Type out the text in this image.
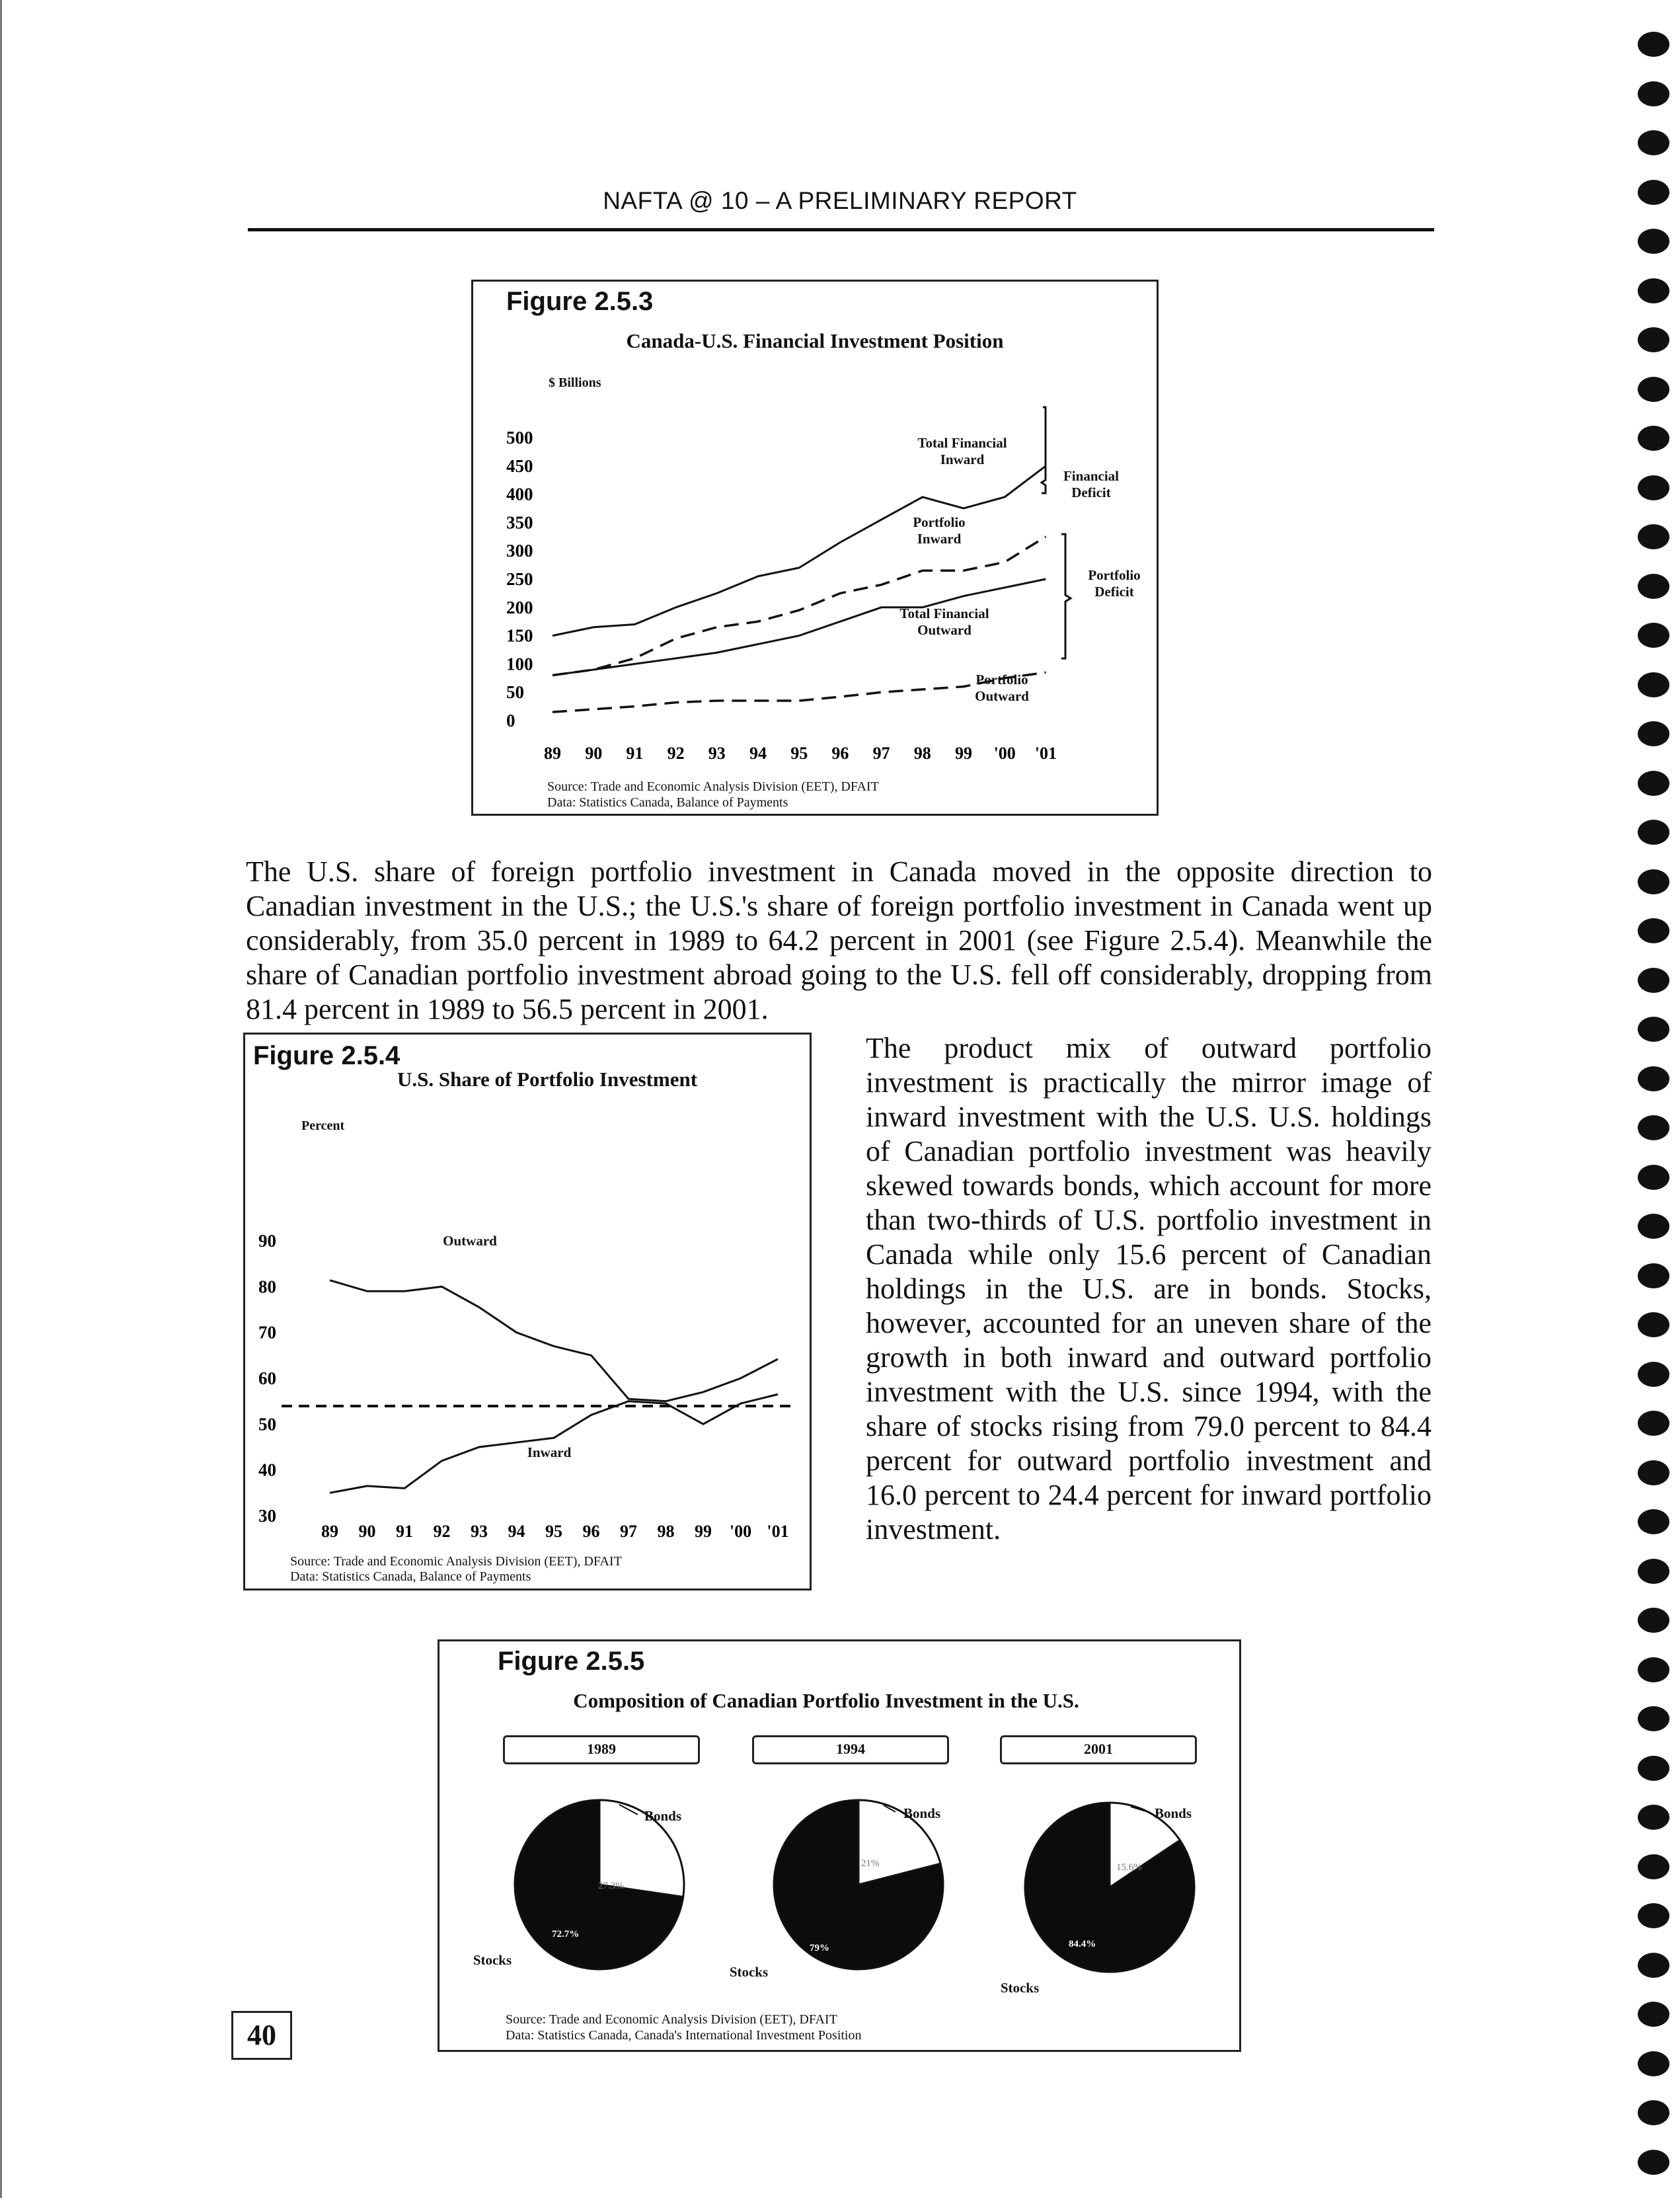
NAFTA @ 10 – A PRELIMINARY REPORT
Figure 2.5.3
Canada-U.S. Financial Investment Position
$ Billions
500
450
400
350
300
250
200
150
100
50
0
89 90 91 92 93 94 95 96 97 98 99 '00 '01
Total Financial Inward
Portfolio Inward
Total Financial Outward
Portfolio Outward
Financial Deficit
Portfolio Deficit
Source: Trade and Economic Analysis Division (EET), DFAIT
Data: Statistics Canada, Balance of Payments
The U.S. share of foreign portfolio investment in Canada moved in the opposite direction to Canadian investment in the U.S.; the U.S.'s share of foreign portfolio investment in Canada went up considerably, from 35.0 percent in 1989 to 64.2 percent in 2001 (see Figure 2.5.4). Meanwhile the share of Canadian portfolio investment abroad going to the U.S. fell off considerably, dropping from 81.4 percent in 1989 to 56.5 percent in 2001.
Figure 2.5.4
U.S. Share of Portfolio Investment
Percent
90
80
70
60
50
40
30
89 90 91 92 93 94 95 96 97 98 99 '00 '01
Outward
Inward
Source: Trade and Economic Analysis Division (EET), DFAIT
Data: Statistics Canada, Balance of Payments
The product mix of outward portfolio investment is practically the mirror image of inward investment with the U.S. U.S. holdings of Canadian portfolio investment was heavily skewed towards bonds, which account for more than two-thirds of U.S. portfolio investment in Canada while only 15.6 percent of Canadian holdings in the U.S. are in bonds. Stocks, however, accounted for an uneven share of the growth in both inward and outward portfolio investment with the U.S. since 1994, with the share of stocks rising from 79.0 percent to 84.4 percent for outward portfolio investment and 16.0 percent to 24.4 percent for inward portfolio investment.
Figure 2.5.5
Composition of Canadian Portfolio Investment in the U.S.
1989	1994	2001
Bonds
Stocks
27.3%
72.7%
Bonds
Stocks
21%
79%
Bonds
Stocks
15.6%
84.4%
Source: Trade and Economic Analysis Division (EET), DFAIT
Data: Statistics Canada, Canada's International Investment Position
40
